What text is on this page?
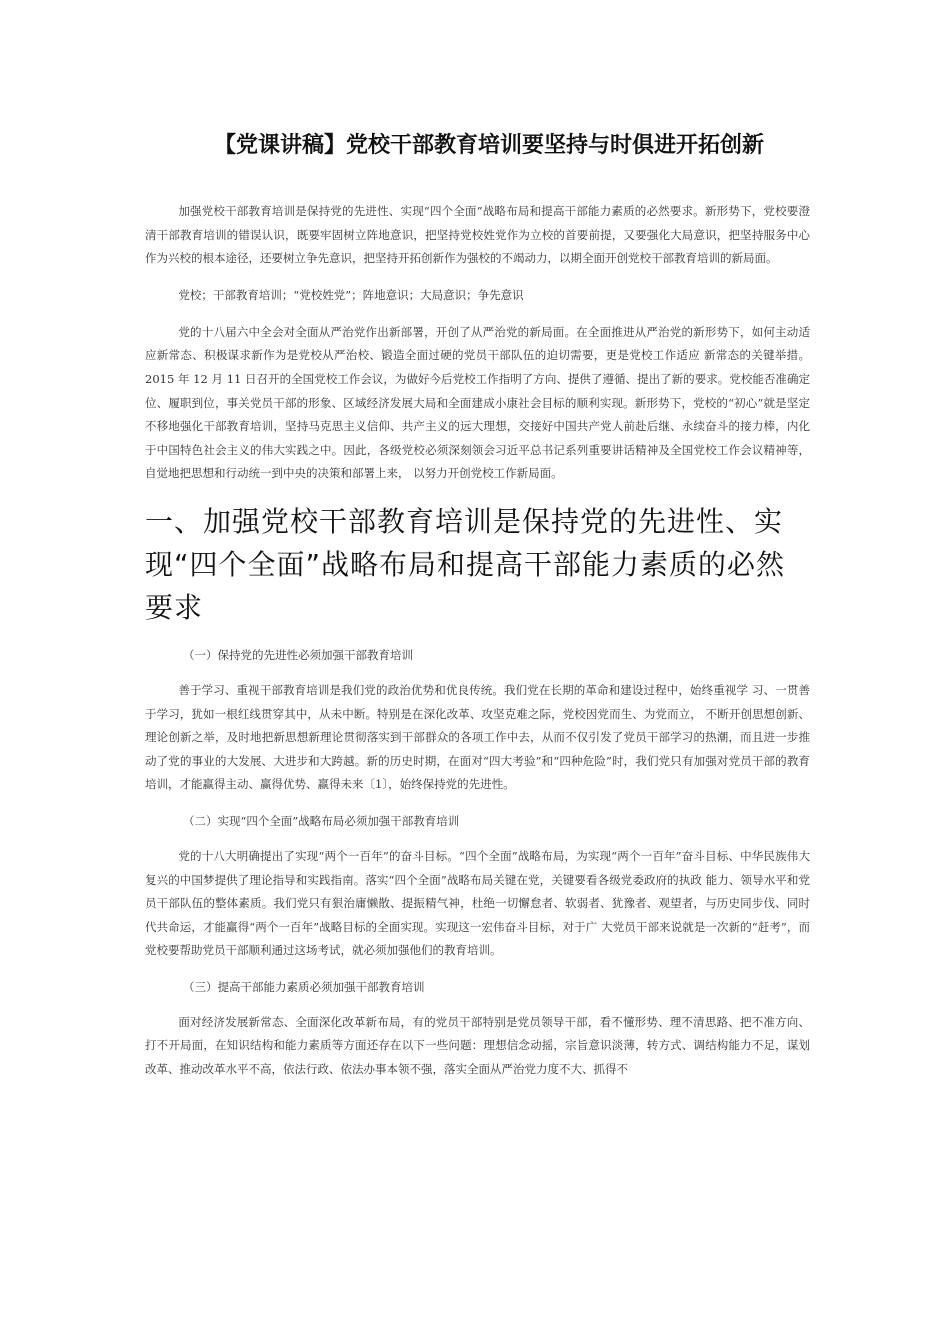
【党课讲稿】党校干部教育培训要坚持与时俱进开拓创新

加强党校干部教育培训是保持党的先进性、实现“四个全面”战略布局和提高干部能力素质的必然要求。新形势下，党校要澄清干部教育培训的错误认识，既要牢固树立阵地意识，把坚持党校姓党作为立校的首要前提，又要强化大局意识，把坚持服务中心作为兴校的根本途径，还要树立争先意识，把坚持开拓创新作为强校的不竭动力，以期全面开创党校干部教育培训的新局面。

党校；干部教育培训；“党校姓党”；阵地意识；大局意识；争先意识

党的十八届六中全会对全面从严治党作出新部署，开创了从严治党的新局面。在全面推进从严治党的新形势下，如何主动适应新常态、积极谋求新作为是党校从严治校、锻造全面过硬的党员干部队伍的迫切需要，更是党校工作适应 新常态的关键举措。2015 年 12 月 11 日召开的全国党校工作会议，为做好今后党校工作指明了方向、提供了遵循、提出了新的要求。党校能否准确定位、履职到位，事关党员干部的形象、区域经济发展大局和全面建成小康社会目标的顺利实现。新形势下，党校的“初心”就是坚定不移地强化干部教育培训，坚持马克思主义信仰、共产主义的远大理想，交接好中国共产党人前赴后继、永续奋斗的接力棒，内化于中国特色社会主义的伟大实践之中。因此，各级党校必须深刻领会习近平总书记系列重要讲话精神及全国党校工作会议精神等，自觉地把思想和行动统一到中央的决策和部署上来， 以努力开创党校工作新局面。

一、加强党校干部教育培训是保持党的先进性、实现“四个全面”战略布局和提高干部能力素质的必然要求

（一）保持党的先进性必须加强干部教育培训

善于学习、重视干部教育培训是我们党的政治优势和优良传统。我们党在长期的革命和建设过程中，始终重视学 习、一贯善于学习，犹如一根红线贯穿其中，从未中断。特别是在深化改革、攻坚克难之际，党校因党而生、为党而立， 不断开创思想创新、理论创新之举，及时地把新思想新理论贯彻落实到干部群众的各项工作中去，从而不仅引发了党员干部学习的热潮，而且进一步推动了党的事业的大发展、大进步和大跨越。新的历史时期，在面对“四大考验”和“四种危险”时，我们党只有加强对党员干部的教育培训，才能赢得主动、赢得优势、赢得未来〔1〕，始终保持党的先进性。

（二）实现“四个全面”战略布局必须加强干部教育培训

党的十八大明确提出了实现“两个一百年”的奋斗目标。“四个全面”战略布局，为实现“两个一百年”奋斗目标、中华民族伟大复兴的中国梦提供了理论指导和实践指南。落实“四个全面”战略布局关键在党，关键要看各级党委政府的执政 能力、领导水平和党员干部队伍的整体素质。我们党只有狠治庸懒散、提振精气神，杜绝一切懈怠者、软弱者、犹豫者、观望者，与历史同步伐、同时代共命运，才能赢得“两个一百年”战略目标的全面实现。实现这一宏伟奋斗目标，对于广 大党员干部来说就是一次新的“赶考”，而党校要帮助党员干部顺利通过这场考试，就必须加强他们的教育培训。

（三）提高干部能力素质必须加强干部教育培训

面对经济发展新常态、全面深化改革新布局，有的党员干部特别是党员领导干部，看不懂形势、理不清思路、把不准方向、打不开局面，在知识结构和能力素质等方面还存在以下一些问题：理想信念动摇，宗旨意识淡薄，转方式、调结构能力不足，谋划改革、推动改革水平不高，依法行政、依法办事本领不强，落实全面从严治党力度不大、抓得不
